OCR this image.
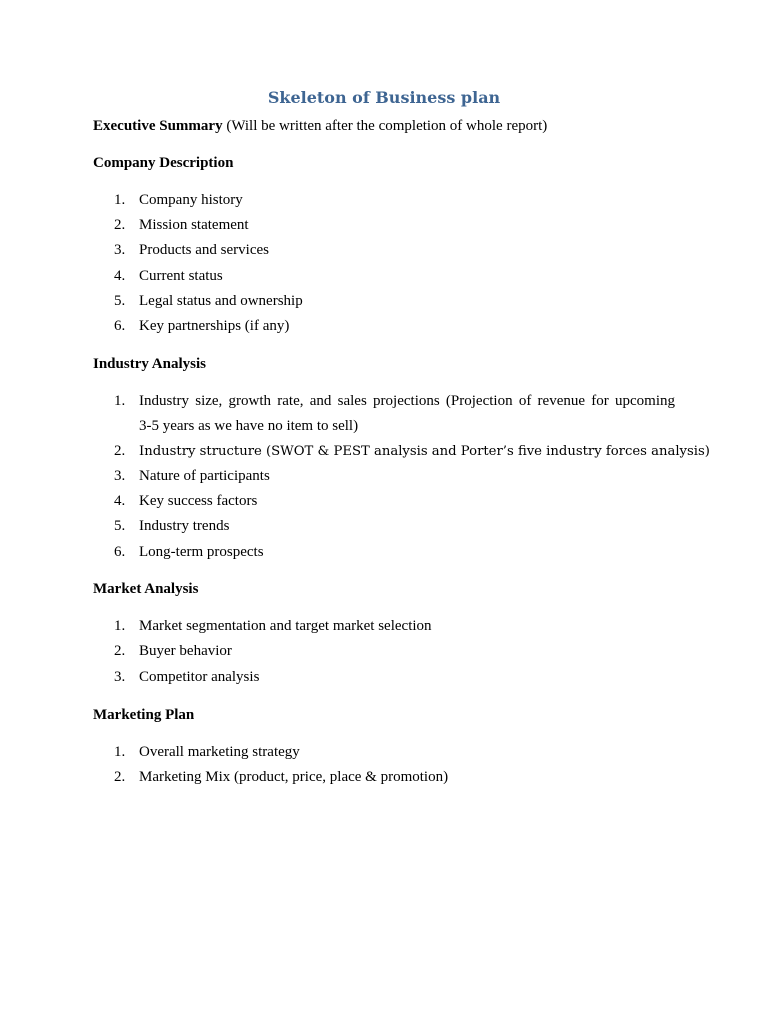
Skeleton of Business plan
Executive Summary (Will be written after the completion of whole report)
Company Description
1. Company history
2. Mission statement
3. Products and services
4. Current status
5. Legal status and ownership
6. Key partnerships (if any)
Industry Analysis
1. Industry size, growth rate, and sales projections (Projection of revenue for upcoming
3-5 years as we have no item to sell)
2. Industry structure (SWOT & PEST analysis and Porter’s five industry forces analysis)
3. Nature of participants
4. Key success factors
5. Industry trends
6. Long-term prospects
Market Analysis
1. Market segmentation and target market selection
2. Buyer behavior
3. Competitor analysis
Marketing Plan
1. Overall marketing strategy
2. Marketing Mix (product, price, place & promotion)
